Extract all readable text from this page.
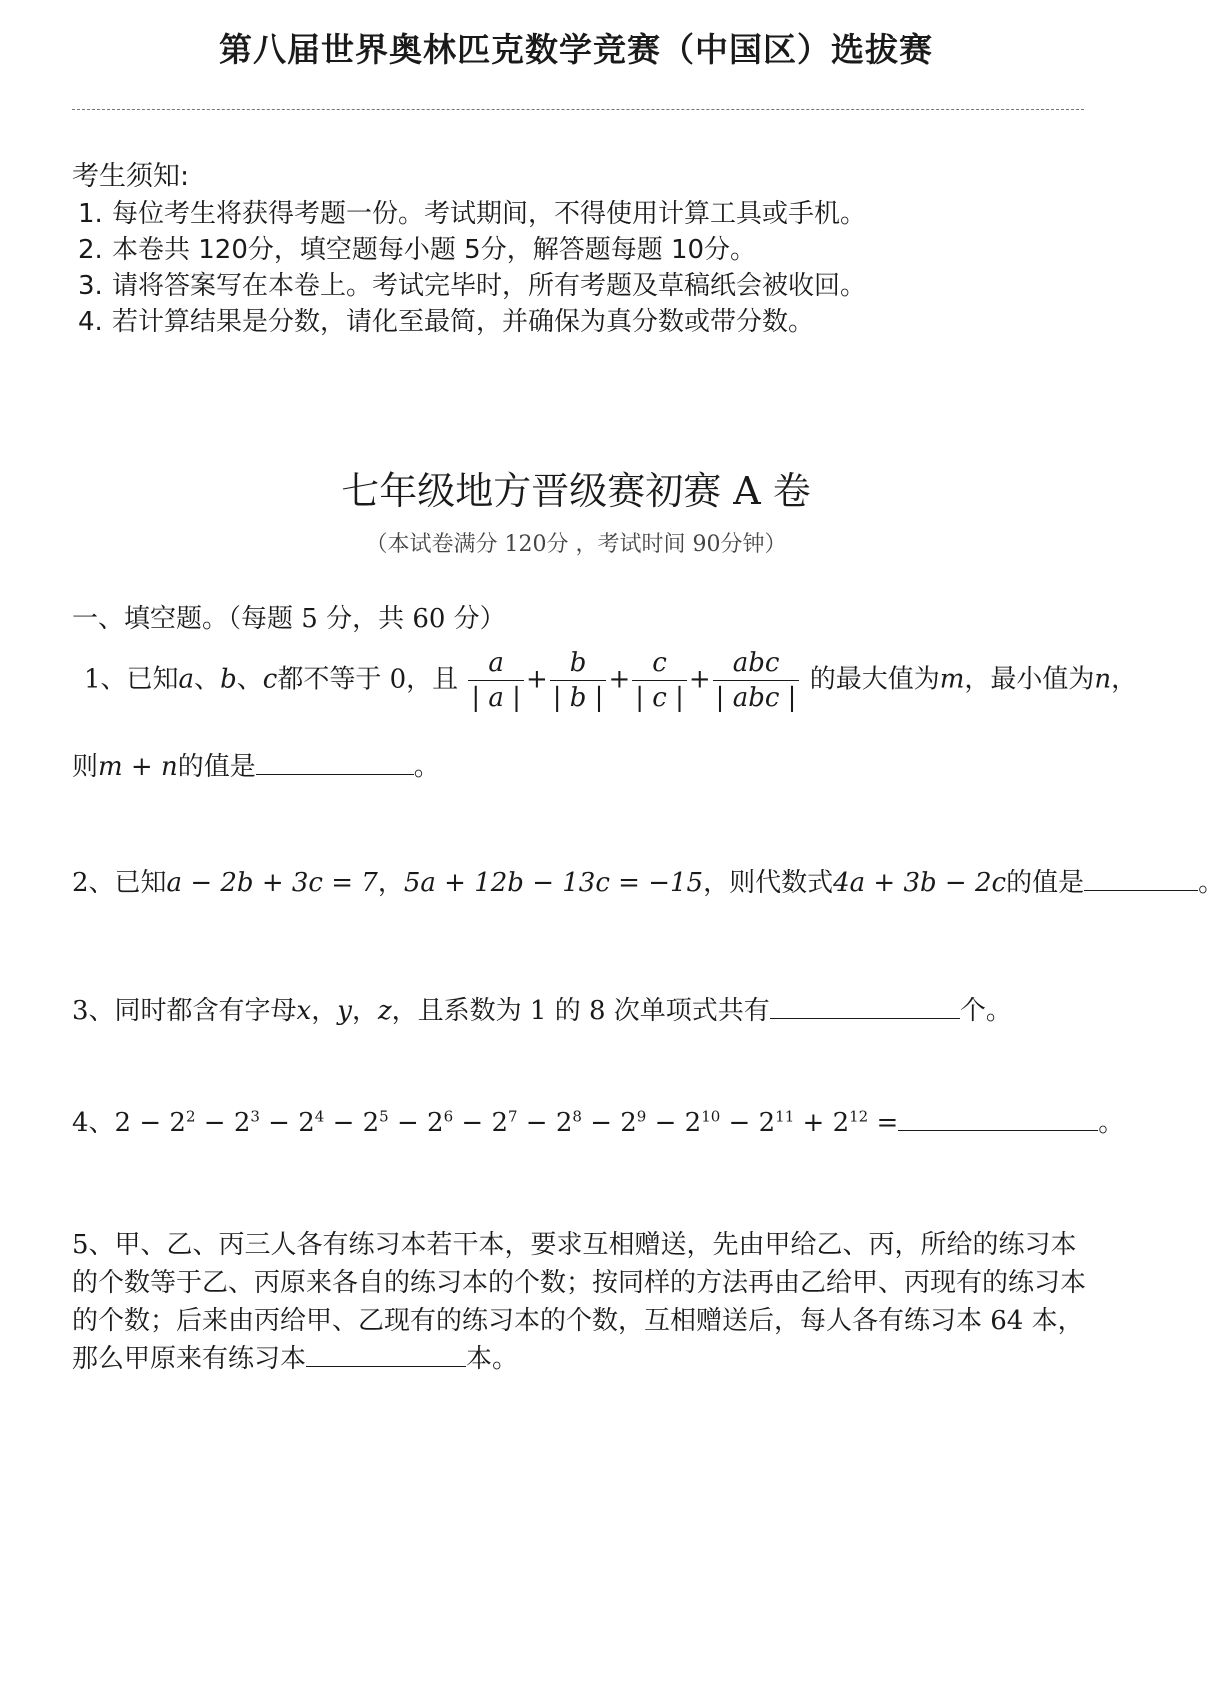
第八届世界奥林匹克数学竞赛（中国区）选拔赛
考生须知:
1. 每位考生将获得考题一份。考试期间，不得使用计算工具或手机。
2. 本卷共 120分，填空题每小题 5分，解答题每题 10分。
3. 请将答案写在本卷上。考试完毕时，所有考题及草稿纸会被收回。
4. 若计算结果是分数，请化至最简，并确保为真分数或带分数。
七年级地方晋级赛初赛 A 卷
（本试卷满分 120分 ，考试时间 90分钟）
一、填空题。（每题 5 分，共 60 分）
1、已知a、b、c都不等于 0，且 $\frac{a}{| a |} + \frac{b}{| b |} + \frac{c}{| c |} + \frac{\text{abc}}{\text{| abc |}}$ 的最大值为m，最小值为n，
则m + n的值是	。
2、已知a − 2b + 3c = 7，5a + 12b − 13c = −15，则代数式4a + 3b − 2c的值是	。
3、同时都含有字母x，y，z，且系数为 1 的 8 次单项式共有	个。
4、$2 - 2^2 - 2^3 - 2^4 - 2^5 - 2^6 - 2^7 - 2^8 - 2^9 - 2^{10} - 2^{11} + 2^{12}$ =	。
5、甲、乙、丙三人各有练习本若干本，要求互相赠送，先由甲给乙、丙，所给的练习本的个数等于乙、丙原来各自的练习本的个数；按同样的方法再由乙给甲、丙现有的练习本的个数；后来由丙给甲、乙现有的练习本的个数，互相赠送后，每人各有练习本 64 本，那么甲原来有练习本	本。
